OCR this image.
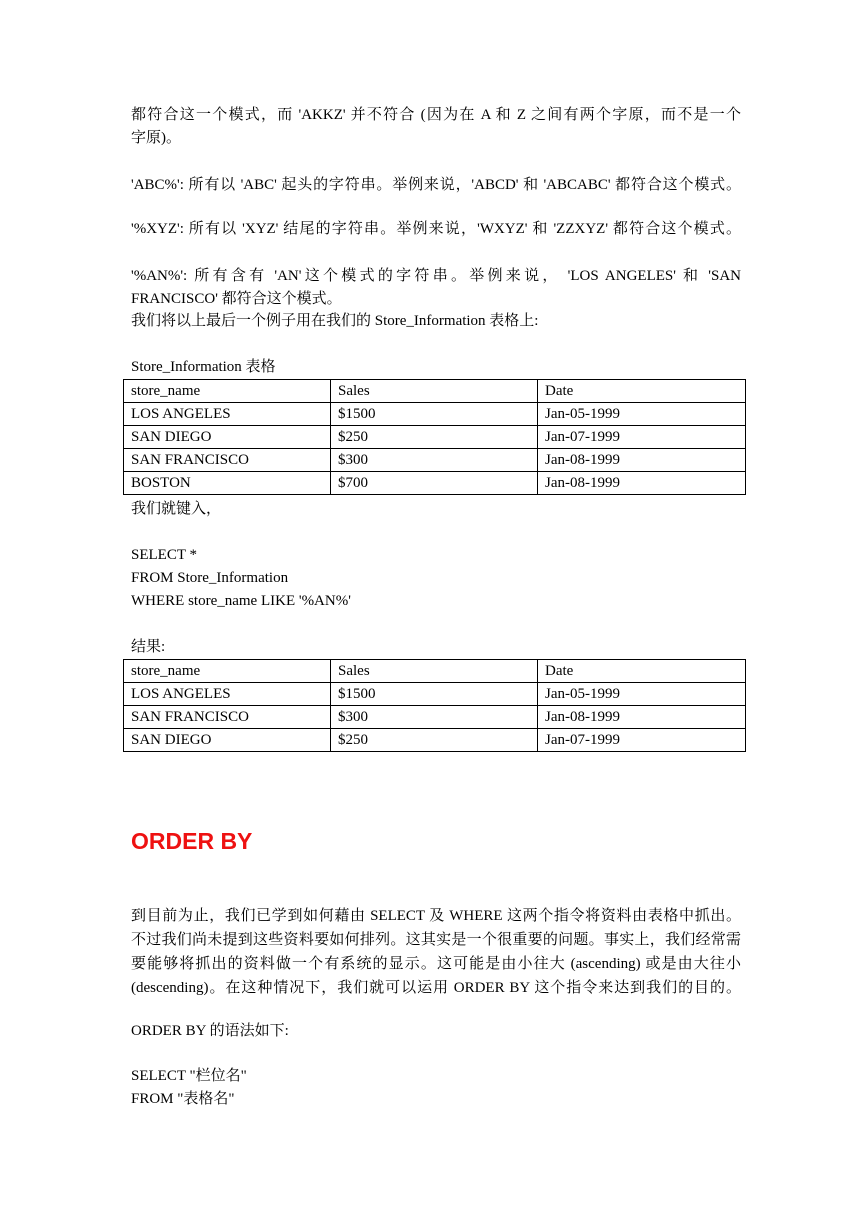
都符合这一个模式，而 'AKKZ' 并不符合 (因为在 A 和 Z 之间有两个字原，而不是一个
字原)。
'ABC%': 所有以 'ABC' 起头的字符串。举例来说，'ABCD' 和 'ABCABC' 都符合这个模式。
'%XYZ': 所有以 'XYZ' 结尾的字符串。举例来说，'WXYZ' 和 'ZZXYZ' 都符合这个模式。
'%AN%': 所有含有 'AN'这个模式的字符串。举例来说， 'LOS ANGELES' 和 'SAN
FRANCISCO' 都符合这个模式。
我们将以上最后一个例子用在我们的 Store_Information 表格上:
Store_Information 表格
store_name	Sales	Date
LOS ANGELES	$1500	Jan-05-1999
SAN DIEGO	$250	Jan-07-1999
SAN FRANCISCO	$300	Jan-08-1999
BOSTON	$700	Jan-08-1999
我们就键入，
SELECT *
FROM Store_Information
WHERE store_name LIKE '%AN%'
结果:
store_name	Sales	Date
LOS ANGELES	$1500	Jan-05-1999
SAN FRANCISCO	$300	Jan-08-1999
SAN DIEGO	$250	Jan-07-1999
ORDER BY
到目前为止，我们已学到如何藉由 SELECT 及 WHERE 这两个指令将资料由表格中抓出。
不过我们尚未提到这些资料要如何排列。这其实是一个很重要的问题。事实上，我们经常需
要能够将抓出的资料做一个有系统的显示。这可能是由小往大 (ascending) 或是由大往小
(descending)。在这种情况下，我们就可以运用 ORDER BY 这个指令来达到我们的目的。
ORDER BY 的语法如下:
SELECT "栏位名"
FROM "表格名"
